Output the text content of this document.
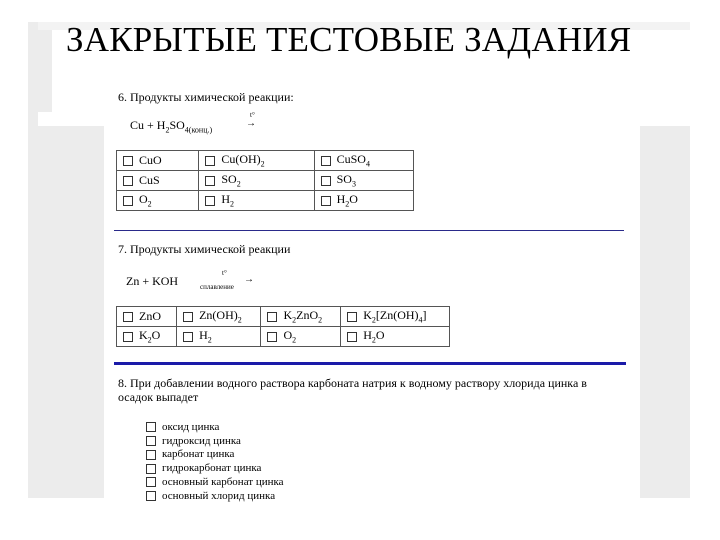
ЗАКРЫТЫЕ ТЕСТОВЫЕ ЗАДАНИЯ
6. Продукты химической реакции:
$Cu + H_2SO_{4(конц.)}$
t°
→
CuO	$Cu(OH)_2$	CuSO$_4$
CuS	$SO_2$	$SO_3$
$O_2$	$H_2$	$H_2O$
7. Продукты химической реакции
Zn + KOH
t°
сплавление
→
ZnO	$Zn(OH)_2$	$K_2ZnO_2$	$K_2[Zn(OH)_4]$
$K_2O$	$H_2$	$O_2$	$H_2O$
8. При добавлении водного раствора карбоната натрия к водному раствору хлорида цинка в
осадок выпадет
оксид цинка
гидроксид цинка
карбонат цинка
гидрокарбонат цинка
основный карбонат цинка
основный хлорид цинка
